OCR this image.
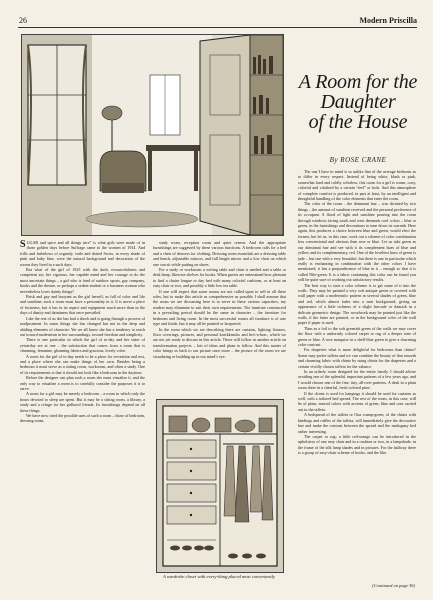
26	Modern Priscilla
A Room for the
Daughter
of the House
By ROSE CRANE

SUGAR and spice and all things nice” is what girls were made of in those golden days before Suffrage came to the women of 1914. And frills and furbelows of organdy, voile and dotted Swiss, in every shade of pink and baby blue, were the natural background and decoration of the rooms they lived in a such days.

But what of the girl of 1925 with the dash, resourcefulness and competent air; her vigorous, her capable mind and her courage to do the most uncertain things – a girl who is fond of outdoor sports, gay company, books and the theatre, or perhaps a sedate student or a business woman who nevertheless loves dainty things?

Brisk and gay and buoyant as the girl herself, as full of color and life and sunshine, such a room must have a personality in it. It is never a place of fussiness, but it has in its aspect and equipment much more than in the days of dimity and daintiness that once prevailed.

Like the rest of us she has had a shock and is going through a process of readjustment. In some things she has changed but not in the deep and abiding elements of character. Yet we all know she has a tendency to reach out toward modernism in her surroundings, toward freedom and simplicity.

There is one particular in which the girl of to-day and her sister of yesterday are at one – the satisfaction that comes from a room that is charming, feminine, gleaming fabrics and gracious, lovely color.

A room for the girl of to-day needs to be a place for recreation and rest, and a place where she can make things of her own. Besides being a bedroom it must serve as a sitting room, workroom, and often a study. One of its requirements is that it should not look like a bedroom in the daytime.

Before the designer can plan such a room she must visualize it, and the only way to visualize a room is to carefully consider the purposes it is to serve.

A room for a girl may be merely a bedroom – a room in which only the hours devoted to sleep are spent. But it may be a sitting room, a library, a study and a refuge for her girlhood friends. Its furnishings depend on all these things.

We have now cited the possible uses of such a room – those of bedroom, dressing room,

study room, reception room and quiet retreat. And the appropriate furnishings are suggested by these various functions. A bedroom calls for a bed and a chest of drawers for clothing. Dressing room essentials are a dressing table and bench, adjustable mirrors, and full length mirror and a low chair on which one can sit while putting on shoes.

For a study or workroom a writing table and chair is needed and a table or desk lamp, likewise shelves for books. When guests are entertained how pleasant to find a chaise longue or day bed with many colorful cushions, or at least an easy chair or two, and possibly a little low tea table.

If one will expect that some rooms are not called upon to sell in all these roles, but to make this article as comprehensive as possible I shall assume that the room we are discussing here is to serve in these various capacities; my readers may eliminate to suit their own requirements. The furniture constructed in a prevailing period should be the same in character – the furniture for bedroom and living room. In the most successful rooms all furniture is of one type and finish, but it may all be painted or lacquered.

In the room which we are describing there are curtains, lighting fixtures, floor coverings, pictures, and personal knickknacks and bric-a-brac, which we are not yet ready to discuss in this article. These will follow in another article on transformation projects – lots of ideas and plans to follow. And this matter of color brings us back to our picture once more – the picture of the room we are visualizing or building up in our mind’s eye.

The one I have in mind is so unlike that of the average bedroom as to differ in every respect. Instead of being white, blush or pink, somewhat hard and coldly colorless, this room for a girl is warm, cozy, colorful and vitalized by a certain “feel” or look. And this atmosphere of complete comfort is produced, in part at least, by an intelligent and thoughtful handling of the color elements that enter the room.

The color of the room – the dominant hue – was dictated by two things – the amount of sunshine received and the personal preference of its occupant. A flood of light and sunshine pouring into the room through windows facing south and west demands cool colors – blue or green, in the furnishings and decorations to tone down its warmth. Here again, this produces a choice between blue and green, would elect the former, but let us, in this case, work out a scheme of color combination less conventional and obvious than rose or blue. Let us take green as our dominant hue and see with it its complement hues of blue and yellow and its complementary, red. One of the loveliest hues of green is jade – but one with a very beautiful, but there is one in particular which really is enchanting in combination with the other colors I have mentioned; it has a preponderance of blue in it – enough so that it is called Nile-green. It is a fabric containing this color can be found you will be quite sure of working out satisfactory results.

The best way to start a color scheme is to get some of it into the walls. They may be painted a very soft antique green or covered with wall paper with a modernistic pattern in several shades of green, blue and red, which almost fades into a neat background, giving an appearance of a little richness of a slight brocade or damask in a delicate geometric design. The woodwork may be painted just like the walls, if the latter are painted, or in the background color of the wall paper if paper is used.

Then as a foil to the soft greenish green of the walls we may cover the floor with a uniformly colored carpet or rug of a deeper tone of green or blue. A rose marquise in a shell-blue green to give a charming color contrast.

For draperies what is more delightful for bedrooms than chintz? Some may prefer taffeta and we can combine the beauty of that smooth and charming fabric with chintz by using chintz for the draperies and a certain vividly chosen taffeta for the valance.

In an orderly room designed for the entire family. I should advise avoiding one of the splendid, important patterns of a few years ago, and I would choose one of the fine, tiny, all-over patterns. A desk in a plain room there in a cheerful, fresh colored print.

If the chintz is used for hangings it should be used for curtains as well, with a tailored bed spread. The rest of the room, in this case, will be of plain, neutral colors with accents of green, blue and rose carried out in the taffeta.

A bedspread of the taffeta or Ona cramp-green, of the chintz with bindings and ruffles of the taffeta, will immediately give the decorative hue and make the contrast between the spread and the mahogany bed rather interesting.

The carpet or rug: a little red-orange can be introduced in the upholstery of one easy chair and in a cushion or two, in a lampshade, in the frame of the silk lamp shades and in pictures. For the hallway there is a group of easy-chair scheme of books, and the like.

A wardrobe closet with every-thing placed most conveniently
(Continued on page 36)
